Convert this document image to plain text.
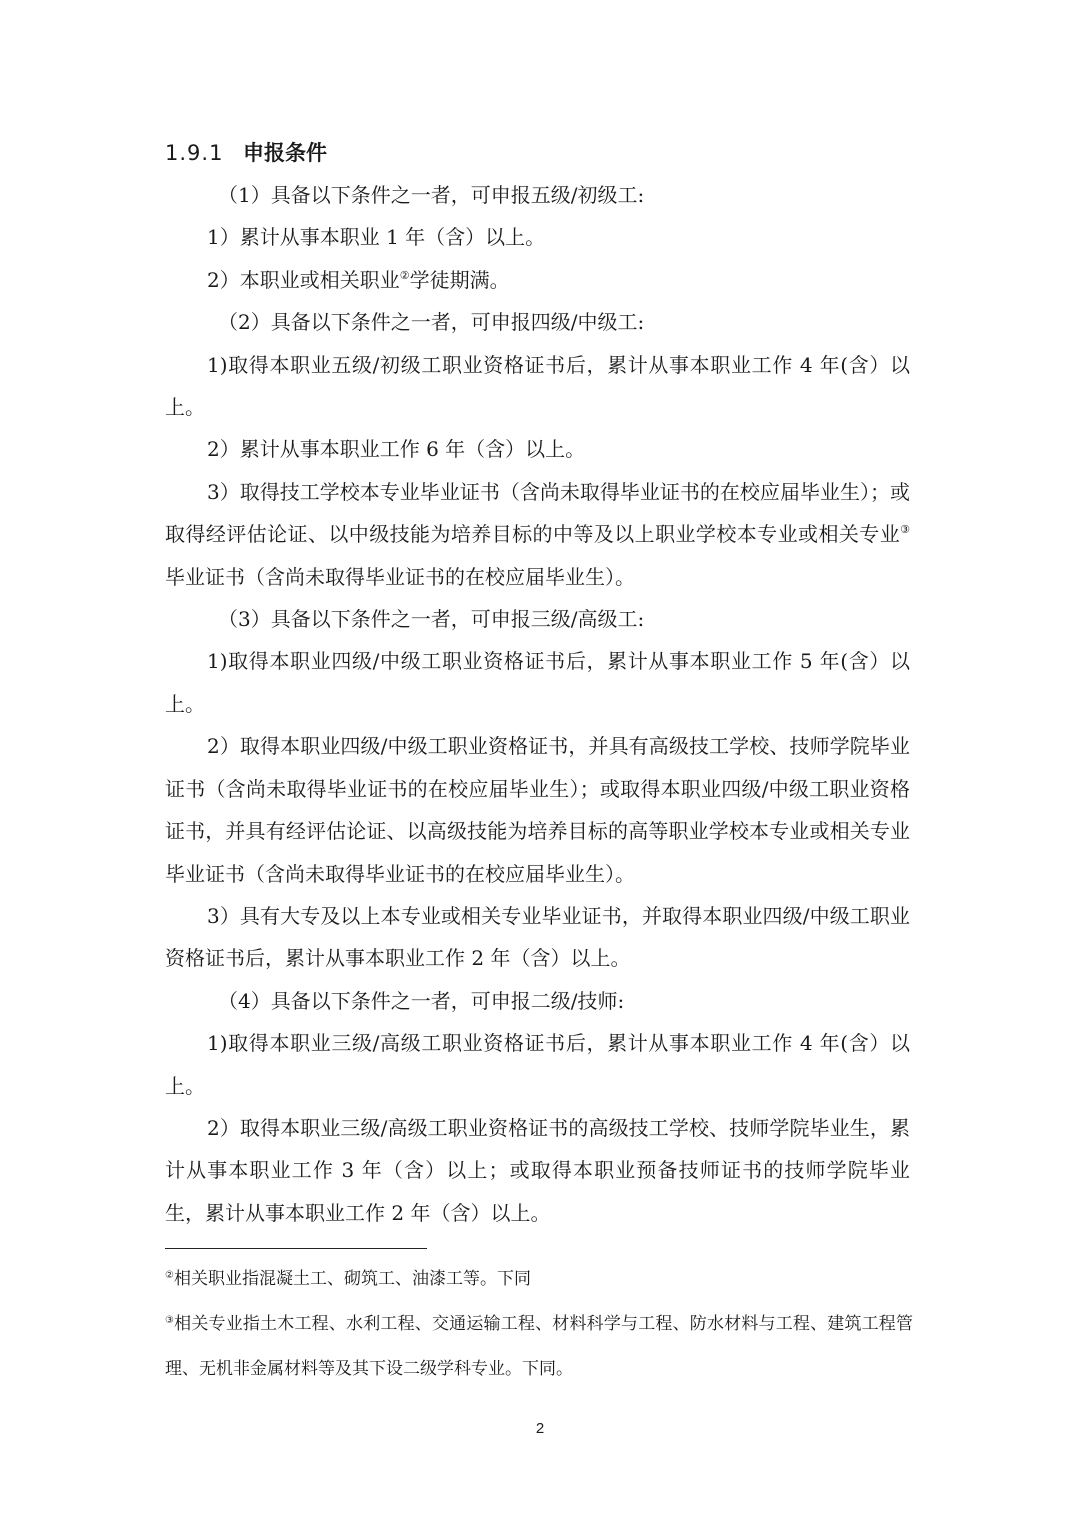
1.9.1 申报条件

（1）具备以下条件之一者，可申报五级/初级工:

1）累计从事本职业 1 年（含）以上。

2）本职业或相关职业②学徒期满。

（2）具备以下条件之一者，可申报四级/中级工:

1)取得本职业五级/初级工职业资格证书后，累计从事本职业工作 4 年(含）以上。

2）累计从事本职业工作 6 年（含）以上。

3）取得技工学校本专业毕业证书（含尚未取得毕业证书的在校应届毕业生）；或取得经评估论证、以中级技能为培养目标的中等及以上职业学校本专业或相关专业③毕业证书（含尚未取得毕业证书的在校应届毕业生）。

（3）具备以下条件之一者，可申报三级/高级工:

1)取得本职业四级/中级工职业资格证书后，累计从事本职业工作 5 年(含）以上。

2）取得本职业四级/中级工职业资格证书，并具有高级技工学校、技师学院毕业证书（含尚未取得毕业证书的在校应届毕业生）；或取得本职业四级/中级工职业资格证书，并具有经评估论证、以高级技能为培养目标的高等职业学校本专业或相关专业毕业证书（含尚未取得毕业证书的在校应届毕业生）。

3）具有大专及以上本专业或相关专业毕业证书，并取得本职业四级/中级工职业资格证书后，累计从事本职业工作 2 年（含）以上。

（4）具备以下条件之一者，可申报二级/技师:

1)取得本职业三级/高级工职业资格证书后，累计从事本职业工作 4 年(含）以上。

2）取得本职业三级/高级工职业资格证书的高级技工学校、技师学院毕业生，累计从事本职业工作 3 年（含）以上；或取得本职业预备技师证书的技师学院毕业生，累计从事本职业工作 2 年（含）以上。

②相关职业指混凝土工、砌筑工、油漆工等。下同

③相关专业指土木工程、水利工程、交通运输工程、材料科学与工程、防水材料与工程、建筑工程管理、无机非金属材料等及其下设二级学科专业。下同。

2
